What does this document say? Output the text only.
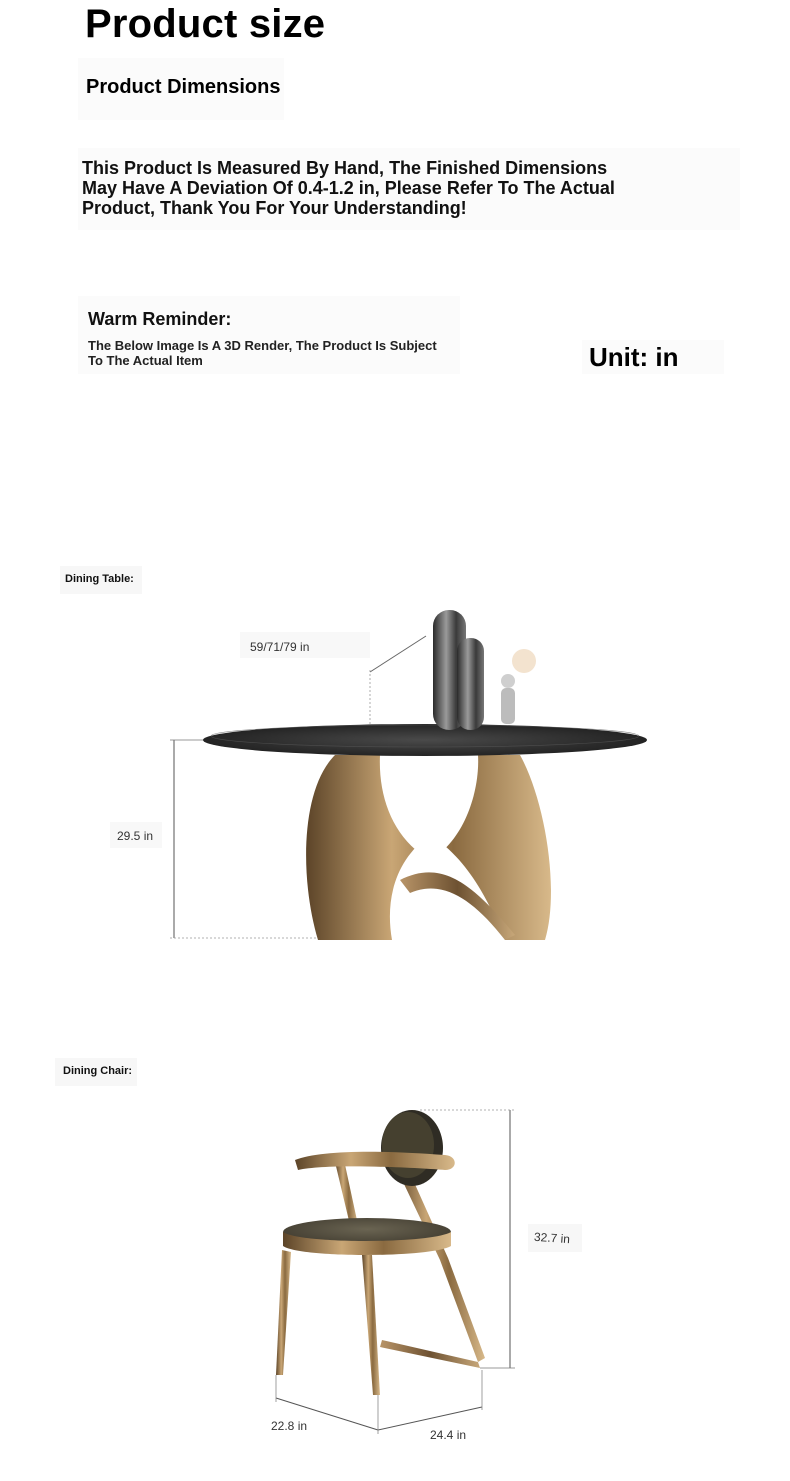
Product size
Product Dimensions
This Product Is Measured By Hand, The Finished Dimensions May Have A Deviation Of 0.4-1.2 in, Please Refer To The Actual Product, Thank You For Your Understanding!
Warm Reminder:
The Below Image Is A 3D Render, The Product Is Subject To The Actual Item	Unit: in
Dining Table:
59/71/79 in
29.5 in
Dining Chair:
32.7 in
22.8 in
24.4 in
